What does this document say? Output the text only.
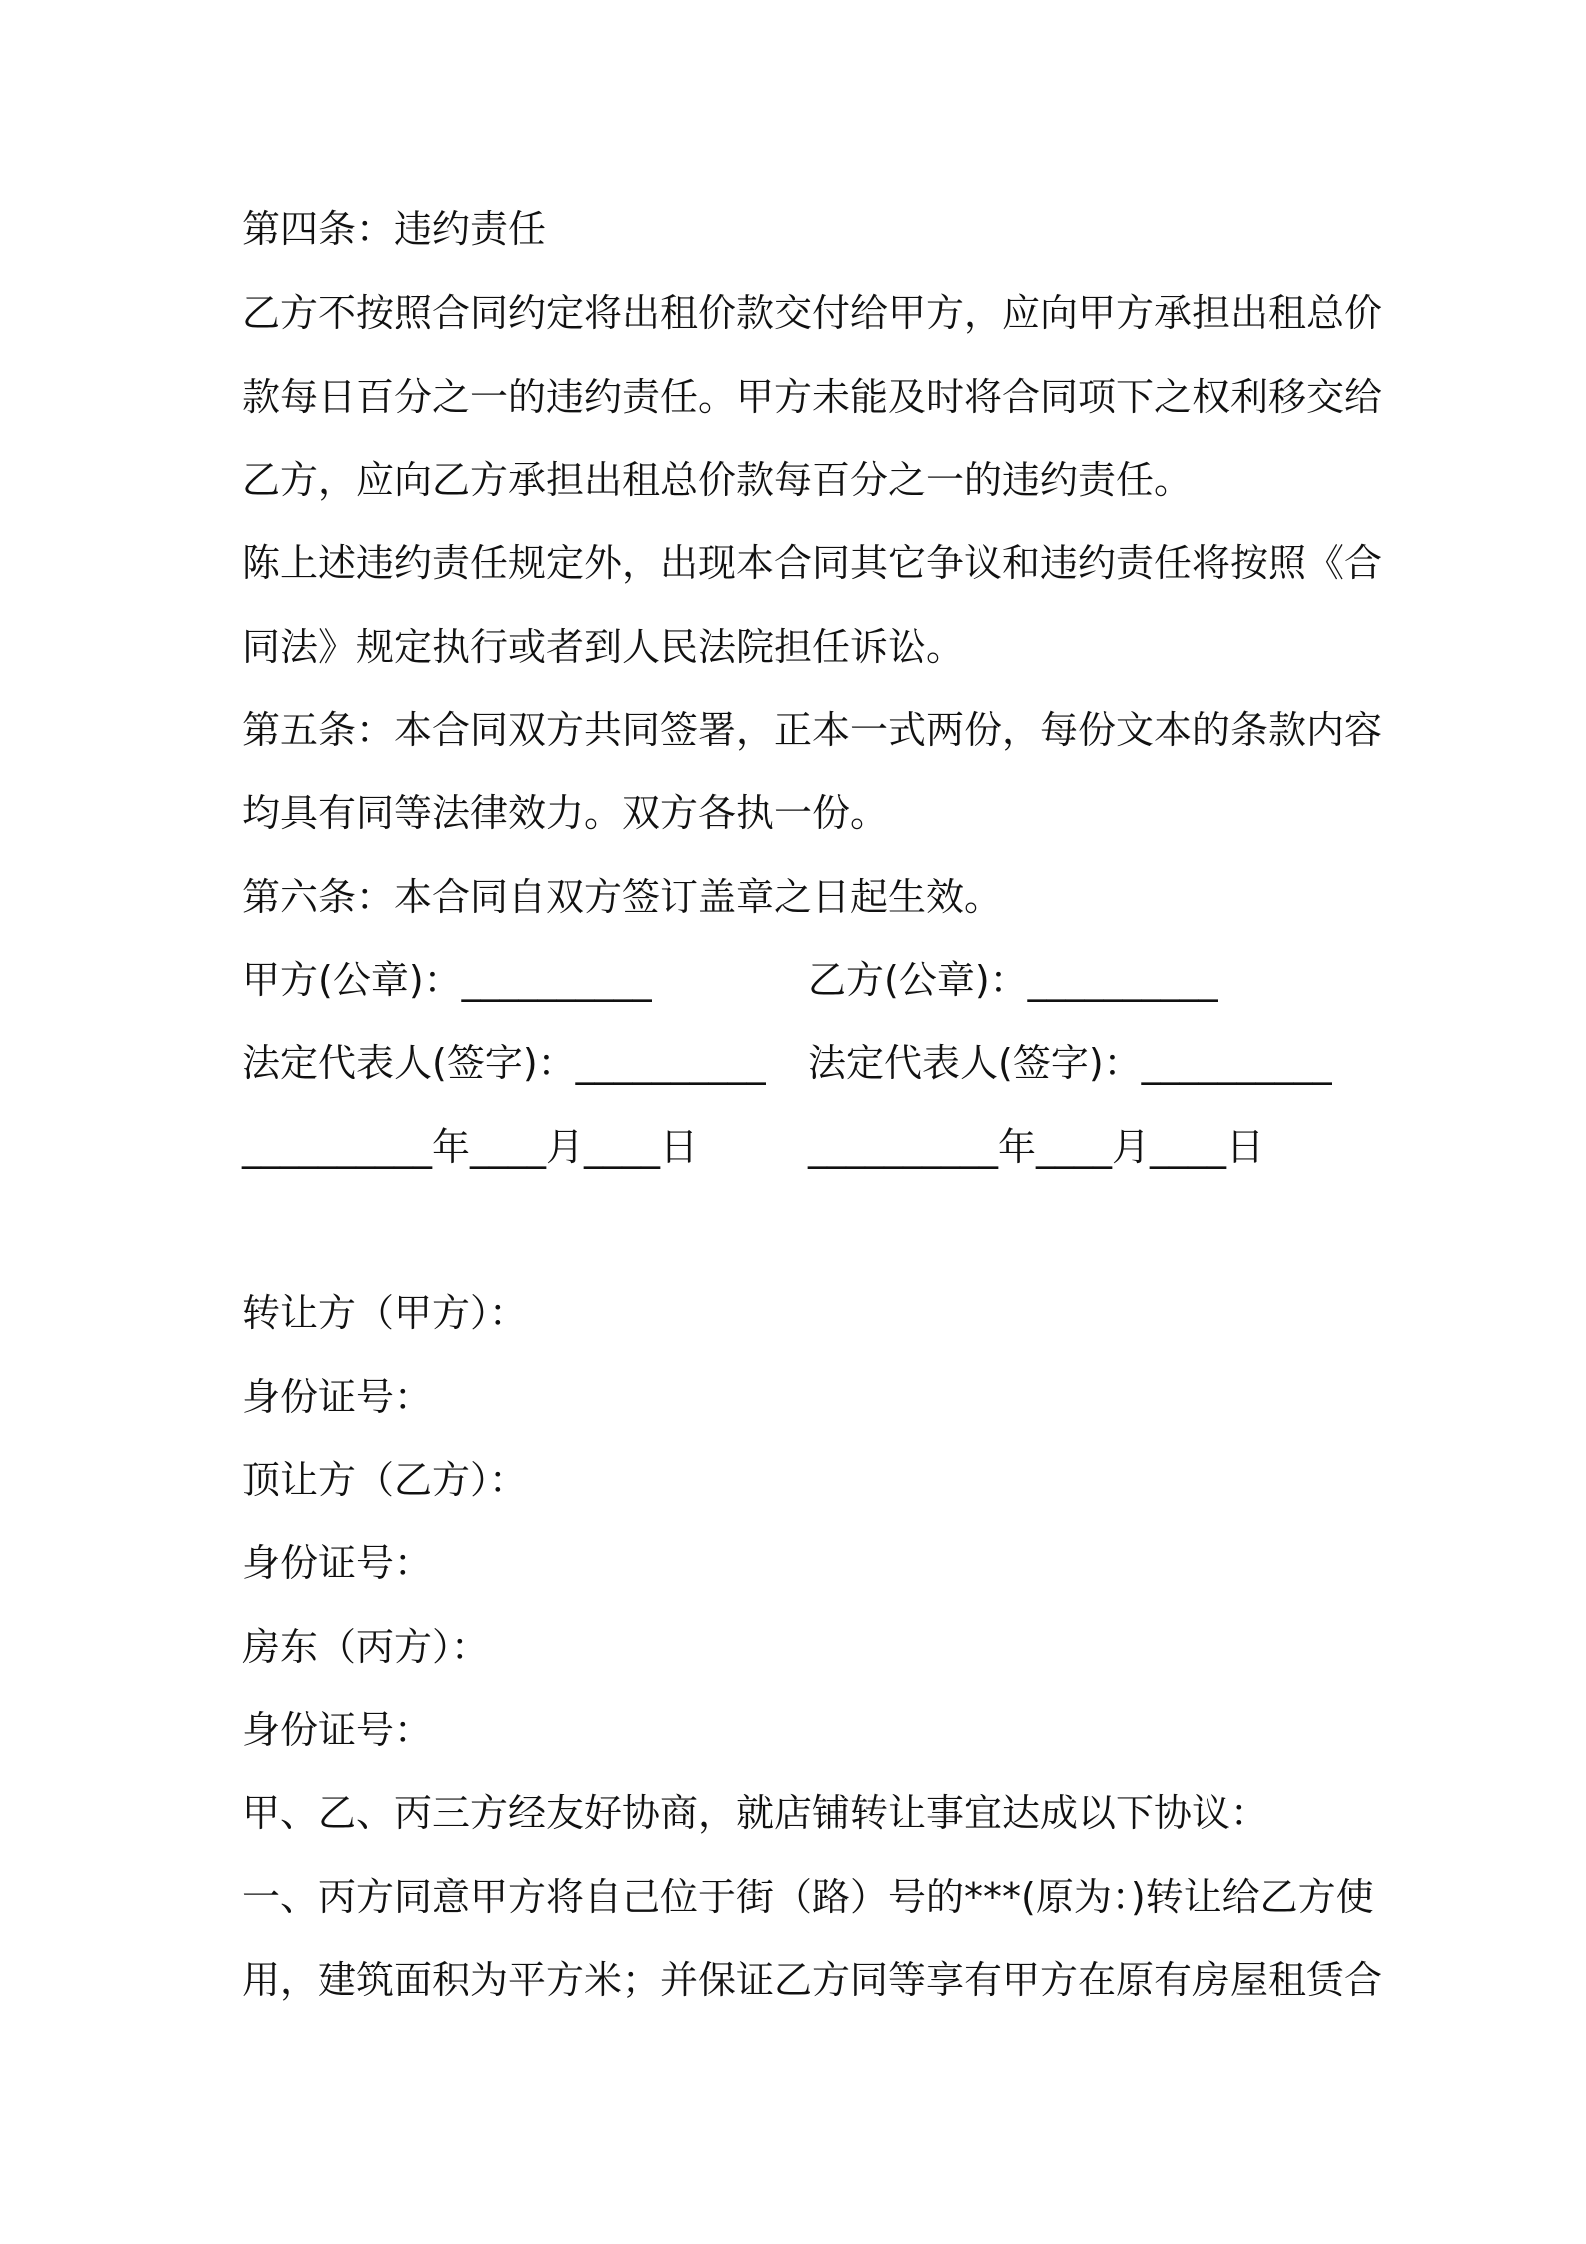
第四条：违约责任
乙方不按照合同约定将出租价款交付给甲方，应向甲方承担出租总价
款每日百分之一的违约责任。甲方未能及时将合同项下之权利移交给
乙方，应向乙方承担出租总价款每百分之一的违约责任。
陈上述违约责任规定外，出现本合同其它争议和违约责任将按照《合
同法》规定执行或者到人民法院担任诉讼。
第五条：本合同双方共同签署，正本一式两份，每份文本的条款内容
均具有同等法律效力。双方各执一份。
第六条：本合同自双方签订盖章之日起生效。
甲方(公章)：__________	乙方(公章)：__________
法定代表人(签字)：__________ 法定代表人(签字)：__________
__________年____月____日	__________年____月____日
转让方（甲方）：
身份证号：
顶让方（乙方）：
身份证号：
房东（丙方）：
身份证号：
甲、乙、丙三方经友好协商，就店铺转让事宜达成以下协议：
一、丙方同意甲方将自己位于街（路）号的***(原为：)转让给乙方使
用，建筑面积为平方米；并保证乙方同等享有甲方在原有房屋租赁合
